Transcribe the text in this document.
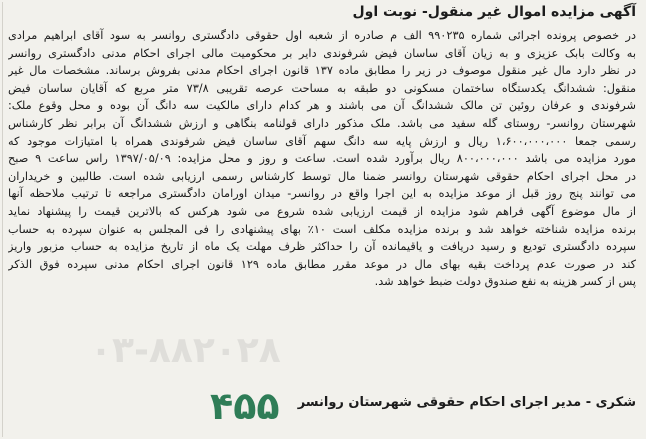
۰۳-۸۸۲۰۲۸
آگهی مزایده اموال غیر منقول- نوبت اول
در خصوص پرونده اجرائی شماره ۹۹۰۲۳۵ الف م صادره از شعبه اول حقوقی دادگستری روانسر به سود آقای ابراهیم مرادی
به وکالت بابک عزیزی و به زیان آقای ساسان فیض شرفوندی دایر بر محکومیت مالی اجرای احکام مدنی دادگستری روانسر
در نظر دارد مال غیر منقول موصوف در زیر را مطابق ماده ۱۳۷ قانون اجرای احکام مدنی بفروش برساند. مشخصات مال غیر
منقول: ششدانگ یکدستگاه ساختمان مسکونی دو طبقه به مساحت عرصه تقریبی ۷۳/۸ متر مربع که آقایان ساسان فیض
شرفوندی و عرفان روئین تن مالک ششدانگ آن می باشند و هر کدام دارای مالکیت سه دانگ آن بوده و محل وقوع ملک:
شهرستان روانسر- روستای گله سفید می باشد. ملک مذکور دارای قولنامه بنگاهی و ارزش ششدانگ آن برابر نظر کارشناس
رسمی جمعا ۱،۶۰۰،۰۰۰،۰۰۰ ریال و ارزش پایه سه دانگ سهم آقای ساسان فیض شرفوندی همراه با امتیازات موجود که
مورد مزایده می باشد ۸۰۰،۰۰۰،۰۰۰ ریال برآورد شده است. ساعت و روز و محل مزایده: ۱۳۹۷/۰۵/۰۹ راس ساعت ۹ صبح
در محل اجرای احکام حقوقی شهرستان روانسر ضمنا مال توسط کارشناس رسمی ارزیابی شده است. طالبین و خریداران
می توانند پنج روز قبل از موعد مزایده به این اجرا واقع در روانسر- میدان اورامان دادگستری مراجعه تا ترتیب ملاحظه آنها
از مال موضوع آگهی فراهم شود مزایده از قیمت ارزیابی شده شروع می شود هرکس که بالاترین قیمت را پیشنهاد نماید
برنده مزایده شناخته خواهد شد و برنده مزایده مکلف است ۱۰٪ بهای پیشنهادی را فی المجلس به عنوان سپرده به حساب
سپرده دادگستری تودیع و رسید دریافت و یاقیمانده آن را حداکثر ظرف مهلت یک ماه از تاریخ مزایده به حساب مزبور واریز
کند در صورت عدم پرداخت بقیه بهای مال در موعد مقرر مطابق ماده ۱۲۹ قانون اجرای احکام مدنی سپرده فوق الذکر
پس از کسر هزینه به نفع صندوق دولت ضبط خواهد شد.
شکری - مدیر اجرای احکام حقوقی شهرستان روانسر
۴۵۵
